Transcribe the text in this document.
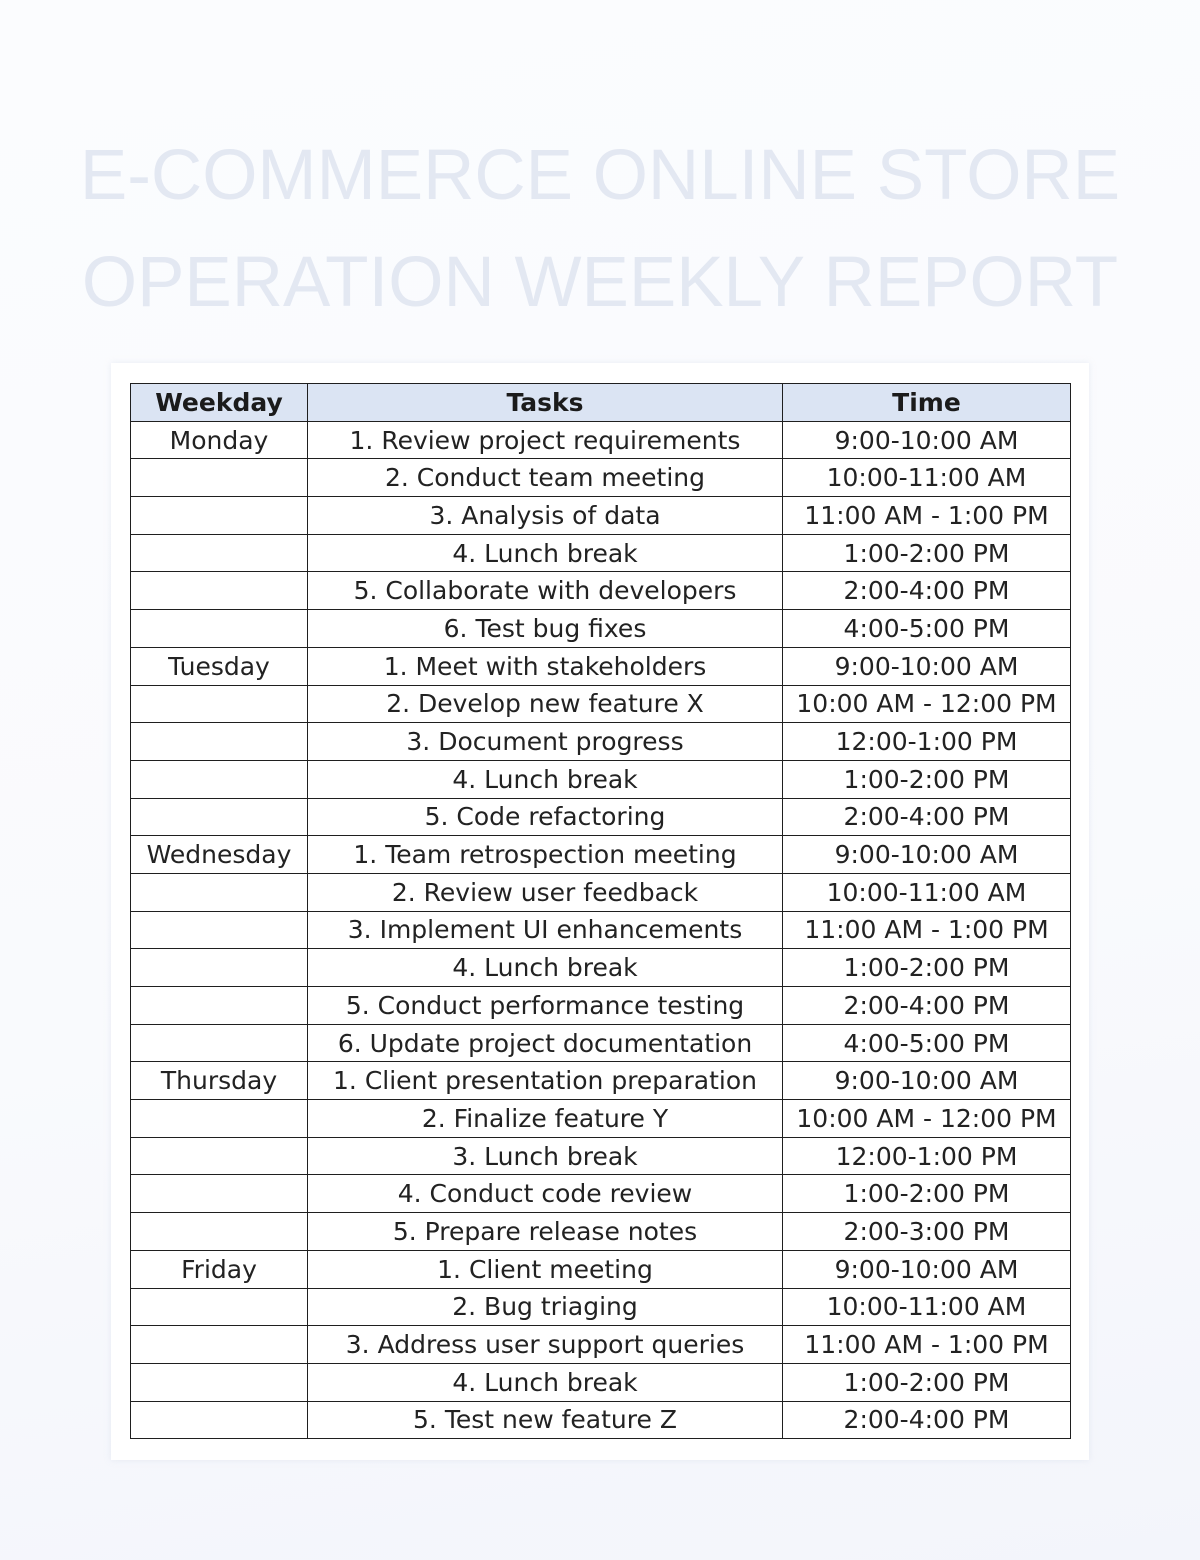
E-COMMERCE ONLINE STORE
OPERATION WEEKLY REPORT
Weekday	Tasks	Time
Monday	1. Review project requirements	9:00-10:00 AM
	2. Conduct team meeting	10:00-11:00 AM
	3. Analysis of data	11:00 AM - 1:00 PM
	4. Lunch break	1:00-2:00 PM
	5. Collaborate with developers	2:00-4:00 PM
	6. Test bug fixes	4:00-5:00 PM
Tuesday	1. Meet with stakeholders	9:00-10:00 AM
	2. Develop new feature X	10:00 AM - 12:00 PM
	3. Document progress	12:00-1:00 PM
	4. Lunch break	1:00-2:00 PM
	5. Code refactoring	2:00-4:00 PM
Wednesday	1. Team retrospection meeting	9:00-10:00 AM
	2. Review user feedback	10:00-11:00 AM
	3. Implement UI enhancements	11:00 AM - 1:00 PM
	4. Lunch break	1:00-2:00 PM
	5. Conduct performance testing	2:00-4:00 PM
	6. Update project documentation	4:00-5:00 PM
Thursday	1. Client presentation preparation	9:00-10:00 AM
	2. Finalize feature Y	10:00 AM - 12:00 PM
	3. Lunch break	12:00-1:00 PM
	4. Conduct code review	1:00-2:00 PM
	5. Prepare release notes	2:00-3:00 PM
Friday	1. Client meeting	9:00-10:00 AM
	2. Bug triaging	10:00-11:00 AM
	3. Address user support queries	11:00 AM - 1:00 PM
	4. Lunch break	1:00-2:00 PM
	5. Test new feature Z	2:00-4:00 PM
